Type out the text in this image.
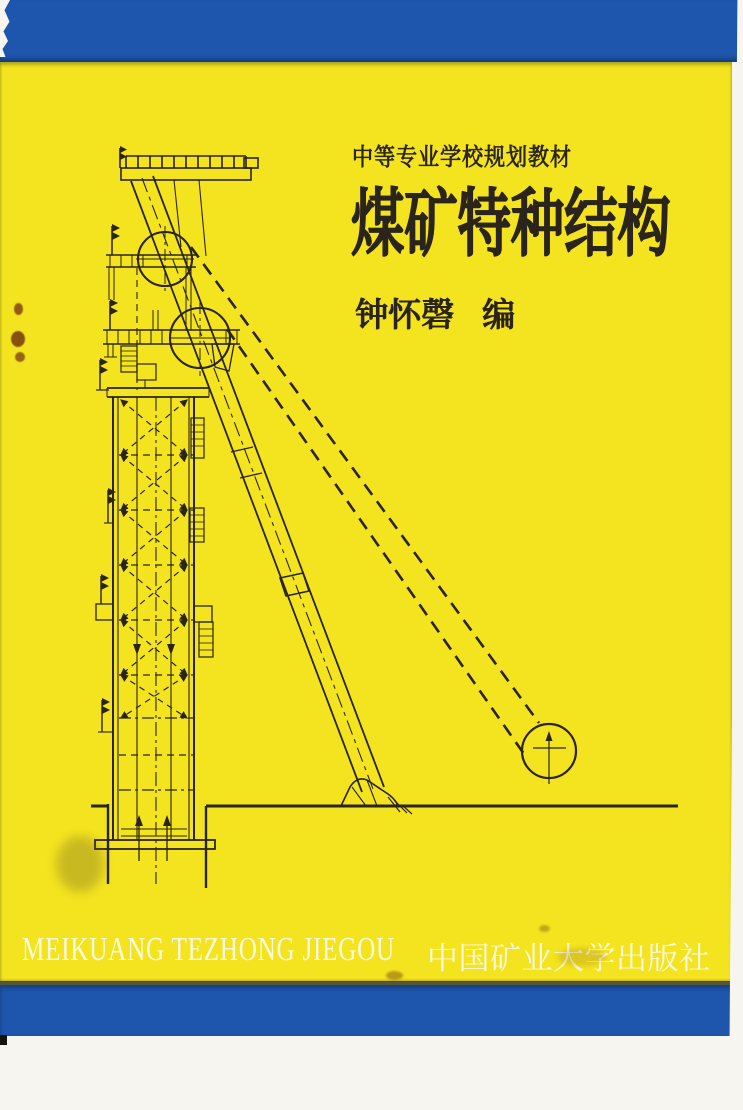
中等专业学校规划教材
煤矿特种结构
钟怀磬 编
MEIKUANG TEZHONG JIEGOU 中国矿业大学出版社
